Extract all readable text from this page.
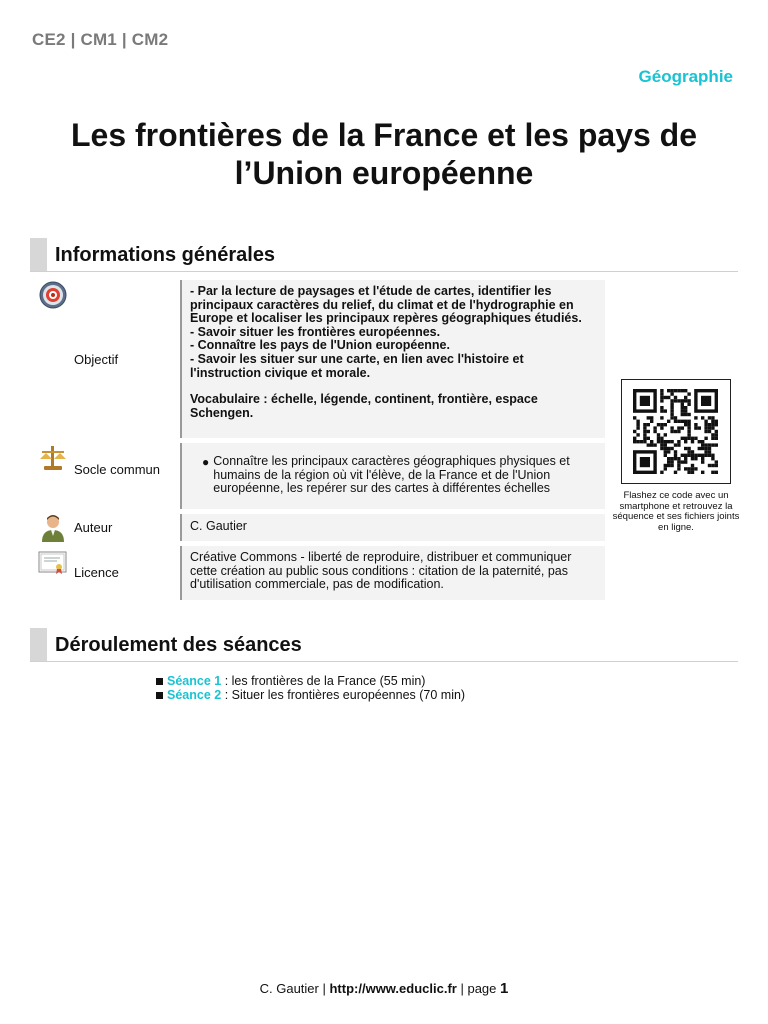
CE2 | CM1 | CM2
Géographie
Les frontières de la France et les pays de
l’Union européenne
Informations générales
Objectif
- Par la lecture de paysages et l'étude de cartes, identifier les principaux caractères du relief, du climat et de l'hydrographie en Europe et localiser les principaux repères géographiques étudiés.
- Savoir situer les frontières européennes.
- Connaître les pays de l'Union européenne.
- Savoir les situer sur une carte, en lien avec l'histoire et l'instruction civique et morale.
Vocabulaire : échelle, légende, continent, frontière, espace Schengen.
Socle commun	● Connaître les principaux caractères géographiques physiques et humains de la région où vit l'élève, de la France et de l'Union européenne, les repérer sur des cartes à différentes échelles
Auteur	C. Gautier
Licence
Créative Commons - liberté de reproduire, distribuer et communiquer cette création au public sous conditions : citation de la paternité, pas d'utilisation commerciale, pas de modification.
Flashez ce code avec un smartphone et retrouvez la séquence et ses fichiers joints en ligne.
Déroulement des séances
Séance 1 : les frontières de la France (55 min)
Séance 2 : Situer les frontières européennes (70 min)
C. Gautier | http://www.educlic.fr | page 1
